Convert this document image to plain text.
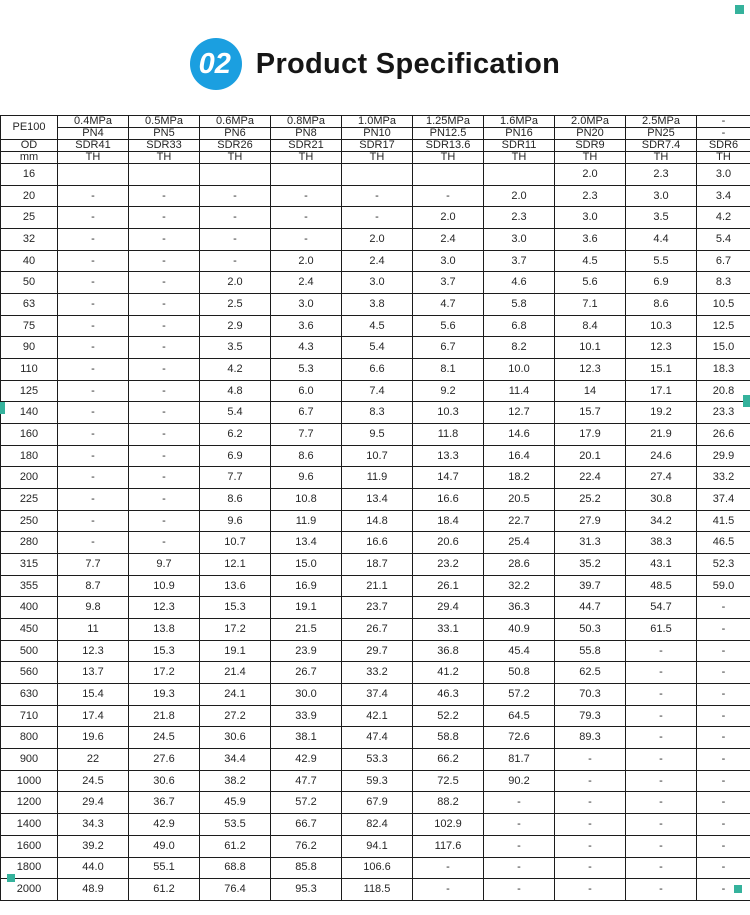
02 Product Specification
PE100	0.4MPa	0.5MPa	0.6MPa	0.8MPa	1.0MPa	1.25MPa	1.6MPa	2.0MPa	2.5MPa	-
	PN4	PN5	PN6	PN8	PN10	PN12.5	PN16	PN20	PN25	-
OD	SDR41	SDR33	SDR26	SDR21	SDR17	SDR13.6	SDR11	SDR9	SDR7.4	SDR6
mm	TH	TH	TH	TH	TH	TH	TH	TH	TH	TH
16								2.0	2.3	3.0
20	-	-	-	-	-	-	2.0	2.3	3.0	3.4
25	-	-	-	-	-	2.0	2.3	3.0	3.5	4.2
32	-	-	-	-	2.0	2.4	3.0	3.6	4.4	5.4
40	-	-	-	2.0	2.4	3.0	3.7	4.5	5.5	6.7
50	-	-	2.0	2.4	3.0	3.7	4.6	5.6	6.9	8.3
63	-	-	2.5	3.0	3.8	4.7	5.8	7.1	8.6	10.5
75	-	-	2.9	3.6	4.5	5.6	6.8	8.4	10.3	12.5
90	-	-	3.5	4.3	5.4	6.7	8.2	10.1	12.3	15.0
110	-	-	4.2	5.3	6.6	8.1	10.0	12.3	15.1	18.3
125	-	-	4.8	6.0	7.4	9.2	11.4	14	17.1	20.8
140	-	-	5.4	6.7	8.3	10.3	12.7	15.7	19.2	23.3
160	-	-	6.2	7.7	9.5	11.8	14.6	17.9	21.9	26.6
180	-	-	6.9	8.6	10.7	13.3	16.4	20.1	24.6	29.9
200	-	-	7.7	9.6	11.9	14.7	18.2	22.4	27.4	33.2
225	-	-	8.6	10.8	13.4	16.6	20.5	25.2	30.8	37.4
250	-	-	9.6	11.9	14.8	18.4	22.7	27.9	34.2	41.5
280	-	-	10.7	13.4	16.6	20.6	25.4	31.3	38.3	46.5
315	7.7	9.7	12.1	15.0	18.7	23.2	28.6	35.2	43.1	52.3
355	8.7	10.9	13.6	16.9	21.1	26.1	32.2	39.7	48.5	59.0
400	9.8	12.3	15.3	19.1	23.7	29.4	36.3	44.7	54.7	-
450	11	13.8	17.2	21.5	26.7	33.1	40.9	50.3	61.5	-
500	12.3	15.3	19.1	23.9	29.7	36.8	45.4	55.8	-	-
560	13.7	17.2	21.4	26.7	33.2	41.2	50.8	62.5	-	-
630	15.4	19.3	24.1	30.0	37.4	46.3	57.2	70.3	-	-
710	17.4	21.8	27.2	33.9	42.1	52.2	64.5	79.3	-	-
800	19.6	24.5	30.6	38.1	47.4	58.8	72.6	89.3	-	-
900	22	27.6	34.4	42.9	53.3	66.2	81.7	-	-	-
1000	24.5	30.6	38.2	47.7	59.3	72.5	90.2	-	-	-
1200	29.4	36.7	45.9	57.2	67.9	88.2	-	-	-	-
1400	34.3	42.9	53.5	66.7	82.4	102.9	-	-	-	-
1600	39.2	49.0	61.2	76.2	94.1	117.6	-	-	-	-
1800	44.0	55.1	68.8	85.8	106.6	-	-	-	-	-
2000	48.9	61.2	76.4	95.3	118.5	-	-	-	-	-
